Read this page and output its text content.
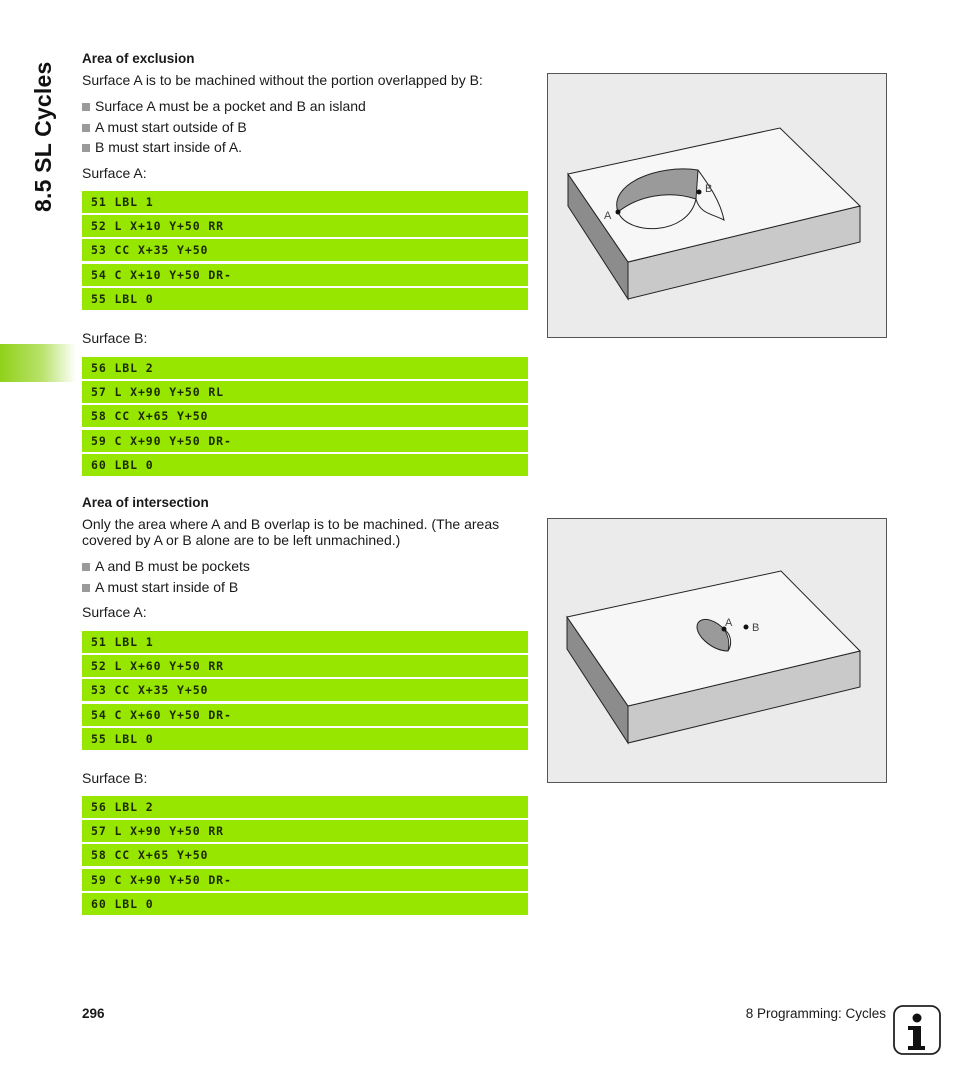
8.5 SL Cycles

Area of exclusion

Surface A is to be machined without the portion overlapped by B:

Surface A must be a pocket and B an island

A must start outside of B

B must start inside of A.

Surface A:

51 LBL 1
52 L X+10 Y+50 RR
53 CC X+35 Y+50
54 C X+10 Y+50 DR-
55 LBL 0

Surface B:

56 LBL 2
57 L X+90 Y+50 RL
58 CC X+65 Y+50
59 C X+90 Y+50 DR-
60 LBL 0
A
B

Area of intersection

Only the area where A and B overlap is to be machined. (The areas covered by A or B alone are to be left unmachined.)

A and B must be pockets

A must start inside of B

Surface A:

51 LBL 1
52 L X+60 Y+50 RR
53 CC X+35 Y+50
54 C X+60 Y+50 DR-
55 LBL 0

Surface B:

56 LBL 2
57 L X+90 Y+50 RR
58 CC X+65 Y+50
59 C X+90 Y+50 DR-
60 LBL 0
A B
296	8 Programming: Cycles
